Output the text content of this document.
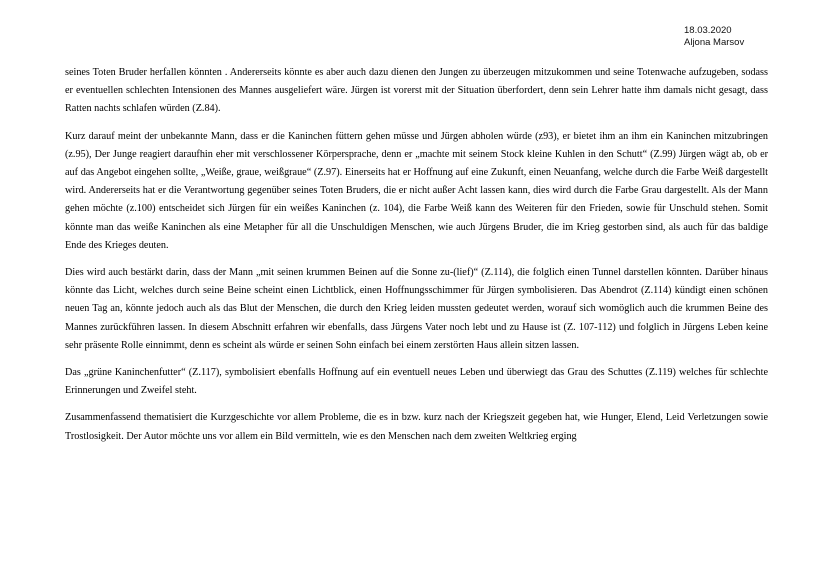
18.03.2020
Aljona Marsov

seines Toten Bruder herfallen könnten . Andererseits könnte es aber auch dazu dienen den Jungen zu überzeugen mitzukommen und seine Totenwache aufzugeben, sodass er eventuellen schlechten Intensionen des Mannes ausgeliefert wäre. Jürgen ist vorerst mit der Situation überfordert, denn sein Lehrer hatte ihm damals nicht gesagt, dass Ratten nachts schlafen würden (Z.84).

Kurz darauf meint der unbekannte Mann, dass er die Kaninchen füttern gehen müsse und Jürgen abholen würde (z93), er bietet ihm an ihm ein Kaninchen mitzubringen (z.95), Der Junge reagiert daraufhin eher mit verschlossener Körpersprache, denn er „machte mit seinem Stock kleine Kuhlen in den Schutt“ (Z.99) Jürgen wägt ab, ob er auf das Angebot eingehen sollte, „Weiße, graue, weißgraue“ (Z.97). Einerseits hat er Hoffnung auf eine Zukunft, einen Neuanfang, welche durch die Farbe Weiß dargestellt wird. Andererseits hat er die Verantwortung gegenüber seines Toten Bruders, die er nicht außer Acht lassen kann, dies wird durch die Farbe Grau dargestellt. Als der Mann gehen möchte (z.100) entscheidet sich Jürgen für ein weißes Kaninchen (z. 104), die Farbe Weiß kann des Weiteren für den Frieden, sowie für Unschuld stehen. Somit könnte man das weiße Kaninchen als eine Metapher für all die Unschuldigen Menschen, wie auch Jürgens Bruder, die im Krieg gestorben sind, als auch für das baldige Ende des Krieges deuten.

Dies wird auch bestärkt darin, dass der Mann „mit seinen krummen Beinen auf die Sonne zu-(lief)“ (Z.114), die folglich einen Tunnel darstellen könnten. Darüber hinaus könnte das Licht, welches durch seine Beine scheint einen Lichtblick, einen Hoffnungsschimmer für Jürgen symbolisieren. Das Abendrot (Z.114) kündigt einen schönen neuen Tag an, könnte jedoch auch als das Blut der Menschen, die durch den Krieg leiden mussten gedeutet werden, worauf sich womöglich auch die krummen Beine des Mannes zurückführen lassen. In diesem Abschnitt erfahren wir ebenfalls, dass Jürgens Vater noch lebt und zu Hause ist (Z. 107-112) und folglich in Jürgens Leben keine sehr präsente Rolle einnimmt, denn es scheint als würde er seinen Sohn einfach bei einem zerstörten Haus allein sitzen lassen.

Das „grüne Kaninchenfutter“ (Z.117), symbolisiert ebenfalls Hoffnung auf ein eventuell neues Leben und überwiegt das Grau des Schuttes (Z.119) welches für schlechte Erinnerungen und Zweifel steht.

Zusammenfassend thematisiert die Kurzgeschichte vor allem Probleme, die es in bzw. kurz nach der Kriegszeit gegeben hat, wie Hunger, Elend, Leid Verletzungen sowie Trostlosigkeit. Der Autor möchte uns vor allem ein Bild vermitteln, wie es den Menschen nach dem zweiten Weltkrieg erging
